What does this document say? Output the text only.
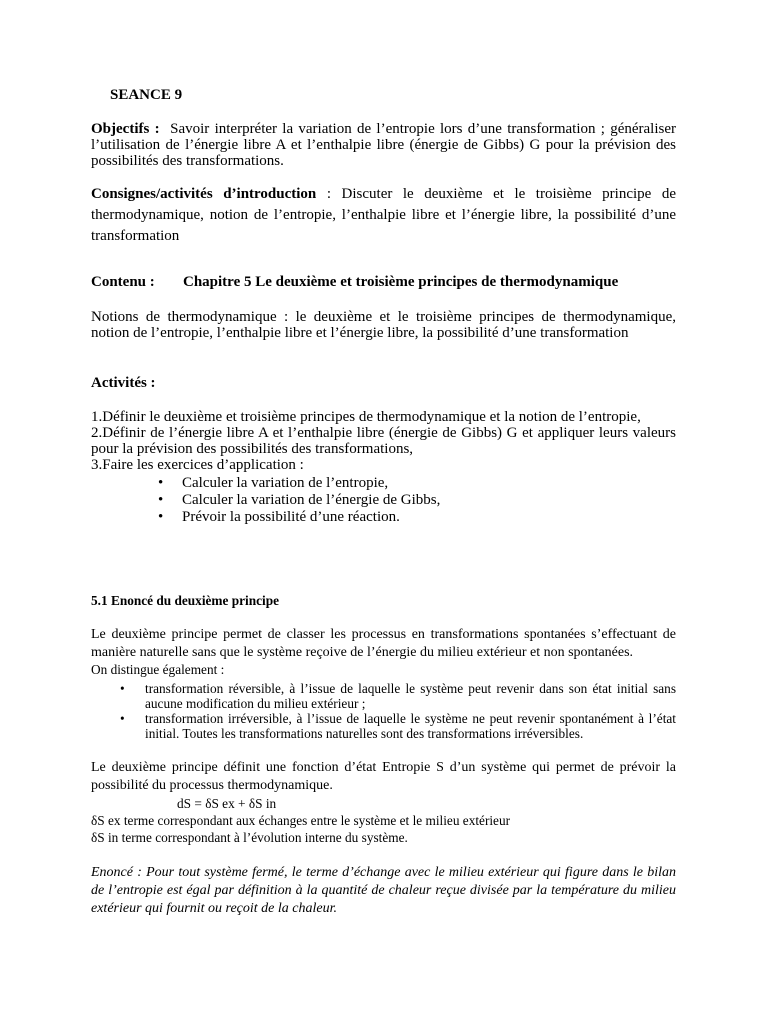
SEANCE 9
Objectifs : Savoir interpréter la variation de l’entropie lors d’une transformation ; généraliser l’utilisation de l’énergie libre A et l’enthalpie libre (énergie de Gibbs) G pour la prévision des possibilités des transformations.
Consignes/activités d’introduction : Discuter le deuxième et le troisième principe de thermodynamique, notion de l’entropie, l’enthalpie libre et l’énergie libre, la possibilité d’une transformation
Contenu : Chapitre 5 Le deuxième et troisième principes de thermodynamique
Notions de thermodynamique : le deuxième et le troisième principes de thermodynamique, notion de l’entropie, l’enthalpie libre et l’énergie libre, la possibilité d’une transformation
Activités :
1.Définir le deuxième et troisième principes de thermodynamique et la notion de l’entropie,
2.Définir de l’énergie libre A et l’enthalpie libre (énergie de Gibbs) G et appliquer leurs valeurs pour la prévision des possibilités des transformations,
3.Faire les exercices d’application :
• Calculer la variation de l’entropie,
• Calculer la variation de l’énergie de Gibbs,
• Prévoir la possibilité d’une réaction.
5.1 Enoncé du deuxième principe
Le deuxième principe permet de classer les processus en transformations spontanées s’effectuant de manière naturelle sans que le système reçoive de l’énergie du milieu extérieur et non spontanées.
On distingue également :
• transformation réversible, à l’issue de laquelle le système peut revenir dans son état initial sans aucune modification du milieu extérieur ;
• transformation irréversible, à l’issue de laquelle le système ne peut revenir spontanément à l’état initial. Toutes les transformations naturelles sont des transformations irréversibles.
Le deuxième principe définit une fonction d’état Entropie S d’un système qui permet de prévoir la possibilité du processus thermodynamique.
dS = δS ex + δS in
δS ex terme correspondant aux échanges entre le système et le milieu extérieur
δS in terme correspondant à l’évolution interne du système.
Enoncé : Pour tout système fermé, le terme d’échange avec le milieu extérieur qui figure dans le bilan de l’entropie est égal par définition à la quantité de chaleur reçue divisée par la température du milieu extérieur qui fournit ou reçoit de la chaleur.
